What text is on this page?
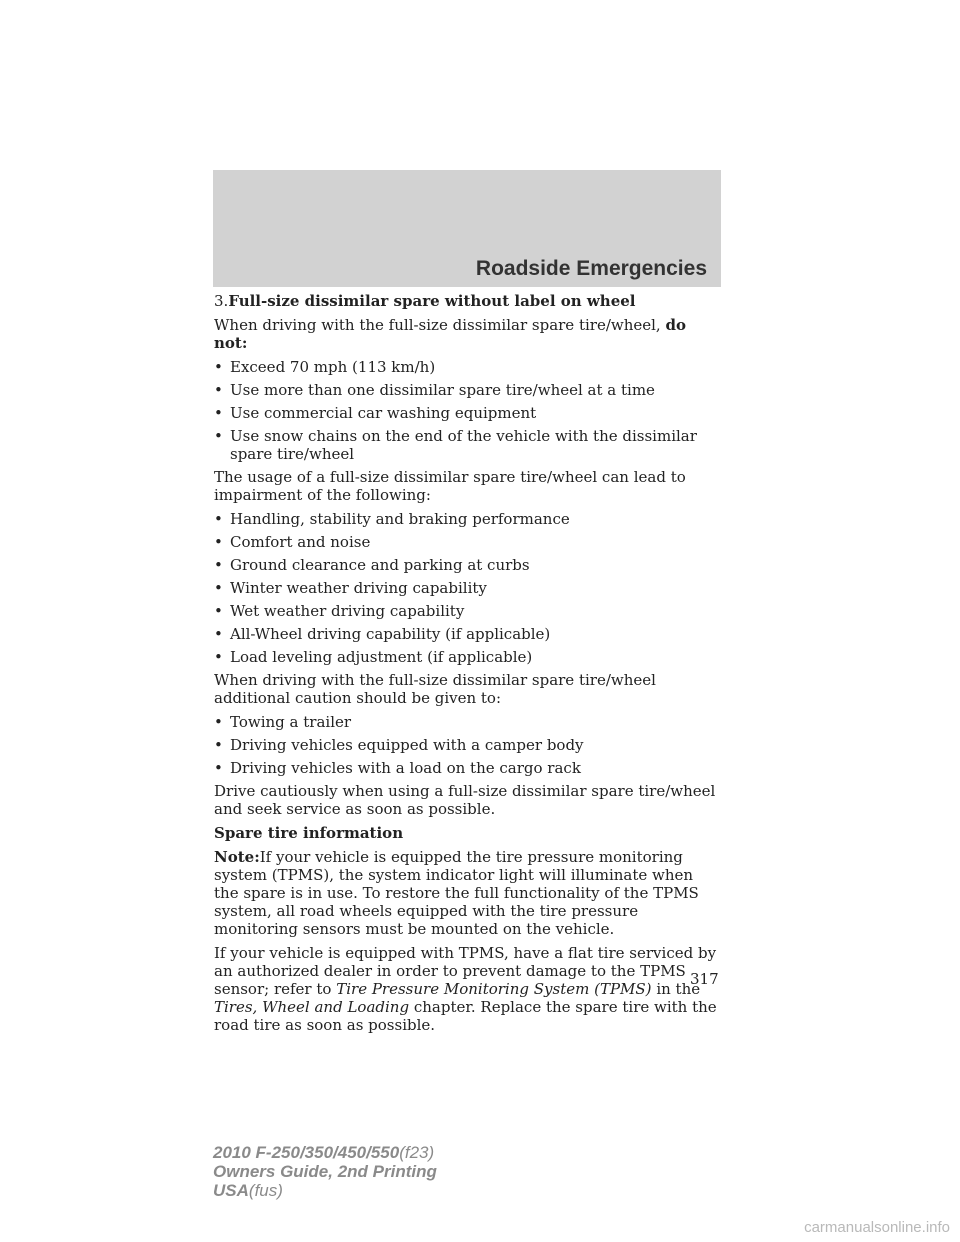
Roadside Emergencies

3.Full-size dissimilar spare without label on wheel

When driving with the full-size dissimilar spare tire/wheel, do not:

• Exceed 70 mph (113 km/h)
• Use more than one dissimilar spare tire/wheel at a time
• Use commercial car washing equipment
• Use snow chains on the end of the vehicle with the dissimilar spare tire/wheel

The usage of a full-size dissimilar spare tire/wheel can lead to impairment of the following:

• Handling, stability and braking performance
• Comfort and noise
• Ground clearance and parking at curbs
• Winter weather driving capability
• Wet weather driving capability
• All-Wheel driving capability (if applicable)
• Load leveling adjustment (if applicable)

When driving with the full-size dissimilar spare tire/wheel additional caution should be given to:

• Towing a trailer
• Driving vehicles equipped with a camper body
• Driving vehicles with a load on the cargo rack

Drive cautiously when using a full-size dissimilar spare tire/wheel and seek service as soon as possible.

Spare tire information

Note:If your vehicle is equipped the tire pressure monitoring system (TPMS), the system indicator light will illuminate when the spare is in use. To restore the full functionality of the TPMS system, all road wheels equipped with the tire pressure monitoring sensors must be mounted on the vehicle.

If your vehicle is equipped with TPMS, have a flat tire serviced by an authorized dealer in order to prevent damage to the TPMS sensor; refer to Tire Pressure Monitoring System (TPMS) in the Tires, Wheel and Loading chapter. Replace the spare tire with the road tire as soon as possible.

317
2010 F-250/350/450/550(f23)
Owners Guide, 2nd Printing
USA(fus)
carmanualsonline.info
